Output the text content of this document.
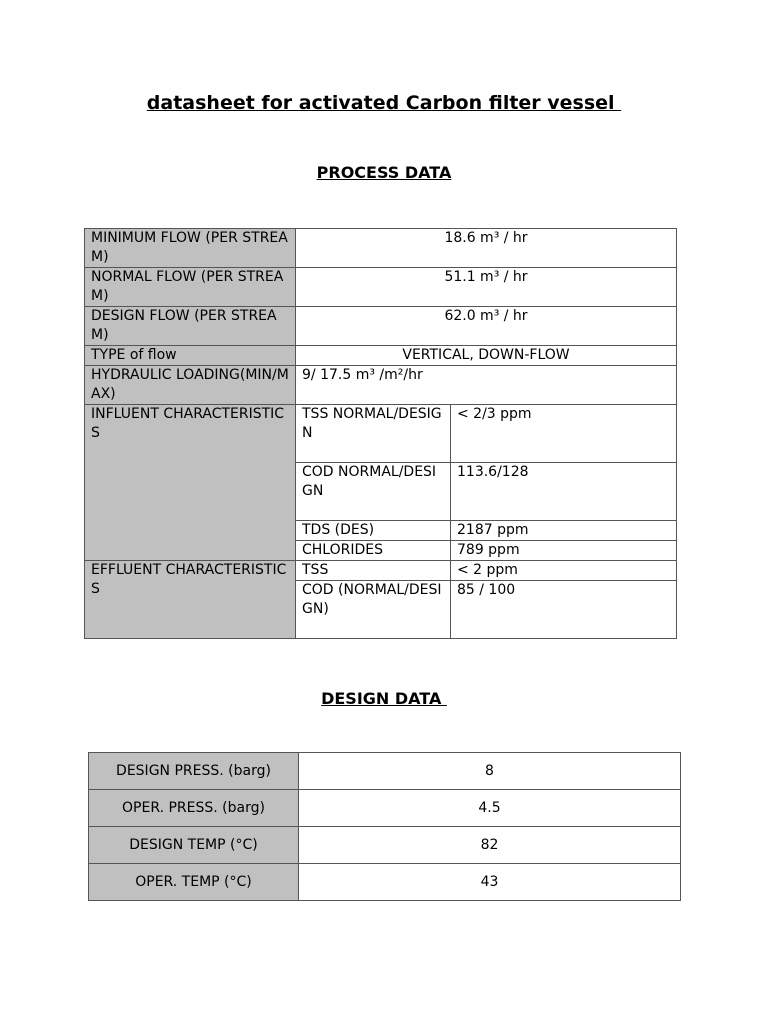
datasheet for activated Carbon filter vessel
PROCESS DATA
MINIMUM FLOW (PER STREAM)	18.6 m³ / hr	
NORMAL FLOW (PER STREAM)	51.1 m³ / hr	
DESIGN FLOW (PER STREAM)	62.0 m³ / hr	
TYPE of flow	VERTICAL, DOWN-FLOW	
HYDRAULIC LOADING(MIN/MAX)	9/ 17.5 m³ /m²/hr	
INFLUENT CHARACTERISTICS	TSS NORMAL/DESIGN	< 2/3 ppm
	COD NORMAL/DESIGN	113.6/128
	TDS (DES)	2187 ppm
	CHLORIDES	789 ppm
EFFLUENT CHARACTERISTICS	TSS	< 2 ppm
	COD (NORMAL/DESIGN)	85 / 100
DESIGN DATA
DESIGN PRESS. (barg)	8
OPER. PRESS. (barg)	4.5
DESIGN TEMP (°C)	82
OPER. TEMP (°C)	43
